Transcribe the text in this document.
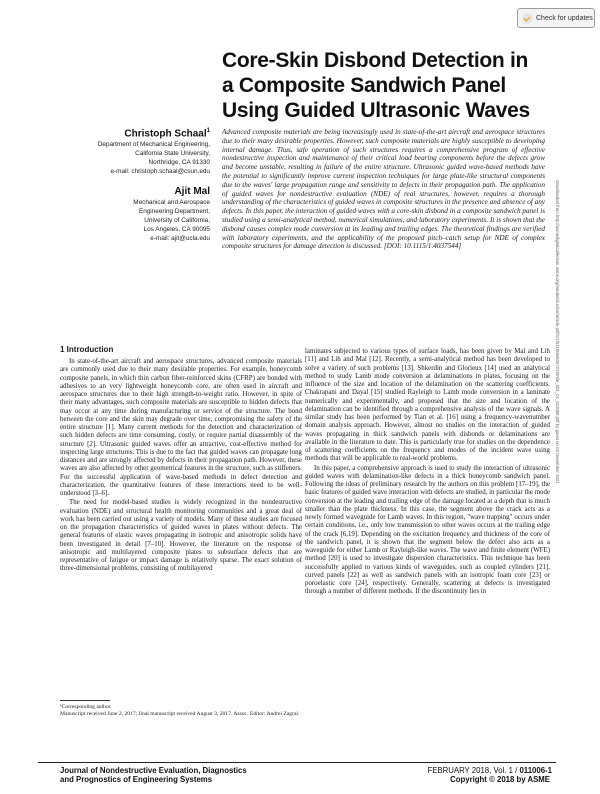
Check for updates
Core-Skin Disbond Detection in a Composite Sandwich Panel Using Guided Ultrasonic Waves
Christoph Schaal$^1$
Department of Mechanical Engineering,
California State University,
Northridge, CA 91330
e-mail: christoph.schaal@csun.edu
Ajit Mal
Mechanical and Aerospace
Engineering Department,
University of California,
Los Angeles, CA 90095
e-mail: ajit@ucla.edu
Advanced composite materials are being increasingly used in state-of-the-art aircraft and aerospace structures due to their many desirable properties. However, such composite materials are highly susceptible to developing internal damage. Thus, safe operation of such structures requires a comprehensive program of effective nondestructive inspection and maintenance of their critical load bearing components before the defects grow and become unstable, resulting in failure of the entire structure. Ultrasonic guided wave-based methods have the potential to significantly improve current inspection techniques for large plate-like structural components due to the waves' large propagation range and sensitivity to defects in their propagation path. The application of guided waves for nondestructive evaluation (NDE) of real structures, however, requires a thorough understanding of the characteristics of guided waves in composite structures in the presence and absence of any defects. In this paper, the interaction of guided waves with a core-skin disbond in a composite sandwich panel is studied using a semi-analytical method, numerical simulations, and laboratory experiments. It is shown that the disbond causes complex mode conversion at its leading and trailing edges. The theoretical findings are verified with laboratory experiments, and the applicability of the proposed pitch–catch setup for NDE of complex composite structures for damage detection is discussed. [DOI: 10.1115/1.4037544]	Downloaded from http://asmedigitalcollection.asme.org/nondestructive/article-pdf/1/1/011006/6367219/nde_001_01_011006.pdf by guest on 03 December 2021
1 Introduction

In state-of-the-art aircraft and aerospace structures, advanced composite materials are commonly used due to their many desirable properties. For example, honeycomb composite panels, in which thin carbon fiber-reinforced skins (CFRP) are bonded with adhesives to an very lightweight honeycomb core, are often used in aircraft and aerospace structures due to their high strength-to-weight ratio. However, in spite of their many advantages, such composite materials are susceptible to hidden defects that may occur at any time during manufacturing or service of the structure. The bond between the core and the skin may degrade over time, compromising the safety of the entire structure [1]. Many current methods for the detection and characterization of such hidden defects are time consuming, costly, or require partial disassembly of the structure [2]. Ultrasonic guided waves offer an attractive, cost-effective method for inspecting large structures. This is due to the fact that guided waves can propagate long distances and are strongly affected by defects in their propagation path. However, these waves are also affected by other geometrical features in the structure, such as stiffeners. For the successful application of wave-based methods in defect detection and characterization, the quantitative features of these interactions need to be well-understood [3–6].

The need for model-based studies is widely recognized in the nondestructive evaluation (NDE) and structural health monitoring communities and a great deal of work has been carried out using a variety of models. Many of these studies are focused on the propagation characteristics of guided waves in plates without defects. The general features of elastic waves propagating in isotropic and anisotropic solids have been investigated in detail [7–10]. However, the literature on the response of anisotropic and multilayered composite plates to subsurface defects that are representative of fatigue or impact damage is relatively sparse. The exact solution of three-dimensional problems, consisting of multilayered

laminates subjected to various types of surface loads, has been given by Mal and Lih [11] and Lih and Mal [12]. Recently, a semi-analytical method has been developed to solve a variety of such problems [13]. Shkerdin and Glorieux [14] used an analytical method to study Lamb mode conversion at delaminations in plates, focusing on the influence of the size and location of the delamination on the scattering coefficients. Chakrapani and Dayal [15] studied Rayleigh to Lamb mode conversion in a laminate numerically and experimentally, and proposed that the size and location of the delamination can be identified through a comprehensive analysis of the wave signals. A similar study has been performed by Tian et al. [16] using a frequency-wavenumber domain analysis approach. However, almost no studies on the interaction of guided waves propagating in thick sandwich panels with disbonds or delaminations are available in the literature to date. This is particularly true for studies on the dependence of scattering coefficients on the frequency and modes of the incident wave using methods that will be applicable to real-world problems.

In this paper, a comprehensive approach is used to study the interaction of ultrasonic guided waves with delamination-like defects in a thick honeycomb sandwich panel. Following the ideas of preliminary research by the authors on this problem [17–19], the basic features of guided wave interaction with defects are studied, in particular the mode conversion at the leading and trailing edge of the damage located at a depth that is much smaller than the plate thickness. In this case, the segment above the crack acts as a newly formed waveguide for Lamb waves. In this region, "wave trapping" occurs under certain conditions, i.e., only low transmission to other waves occurs at the trailing edge of the crack [6,19]. Depending on the excitation frequency and thickness of the core of the sandwich panel, it is shown that the segment below the defect also acts as a waveguide for either Lamb or Rayleigh-like waves. The wave and finite element (WFE) method [20] is used to investigate dispersion characteristics. This technique has been successfully applied to various kinds of waveguides, such as coupled cylinders [21], curved panels [22] as well as sandwich panels with an isotropic foam core [23] or poroelastic core [24], respectively. Generally, scattering at defects is investigated through a number of different methods. If the discontinuity lies in

¹Corresponding author.
Manuscript received June 2, 2017; final manuscript received August 3, 2017. Assoc. Editor: Andrei Zagrai.
Journal of Nondestructive Evaluation, Diagnostics
and Prognostics of Engineering Systems
FEBRUARY 2018, Vol. 1 / 011006-1
Copyright © 2018 by ASME
